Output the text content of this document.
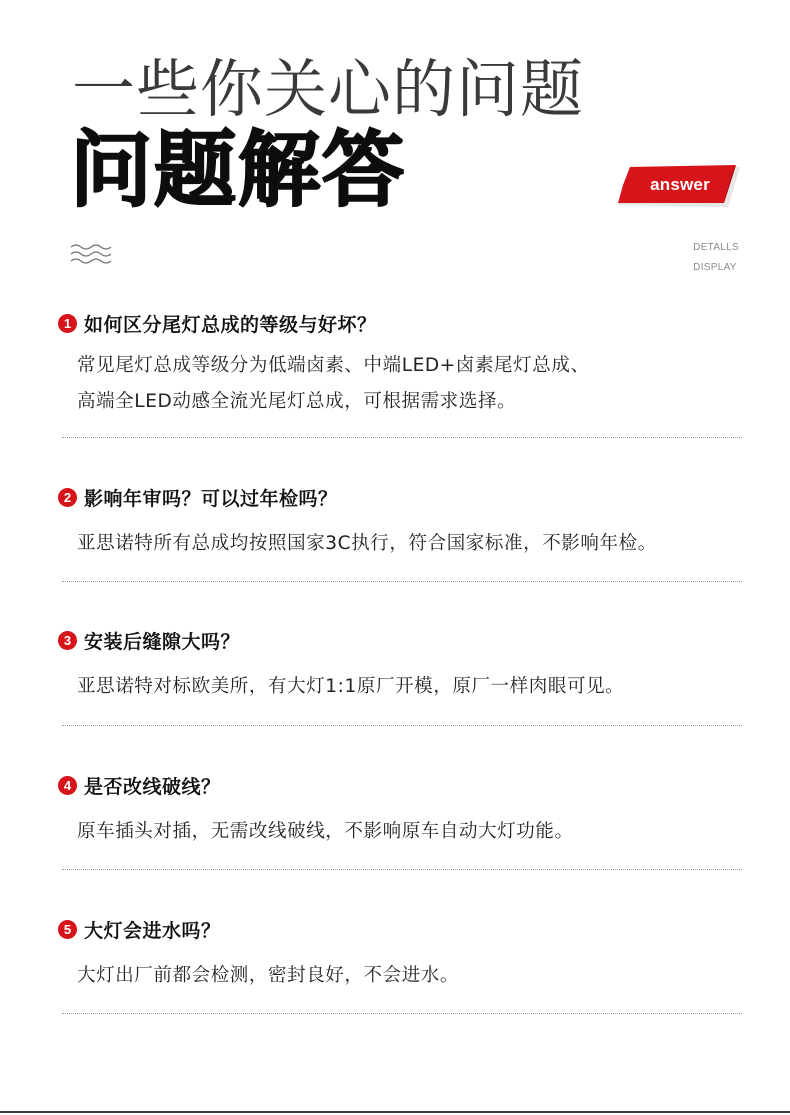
一些你关心的问题
问题解答	answer
DETALLS
DISPLAY
1 如何区分尾灯总成的等级与好坏？
常见尾灯总成等级分为低端卤素、中端LED+卤素尾灯总成、
高端全LED动感全流光尾灯总成，可根据需求选择。
2 影响年审吗？可以过年检吗？
亚思诺特所有总成均按照国家3C执行，符合国家标准，不影响年检。
3 安装后缝隙大吗？
亚思诺特对标欧美所，有大灯1:1原厂开模，原厂一样肉眼可见。
4 是否改线破线？
原车插头对插，无需改线破线，不影响原车自动大灯功能。
5 大灯会进水吗？
大灯出厂前都会检测，密封良好，不会进水。
